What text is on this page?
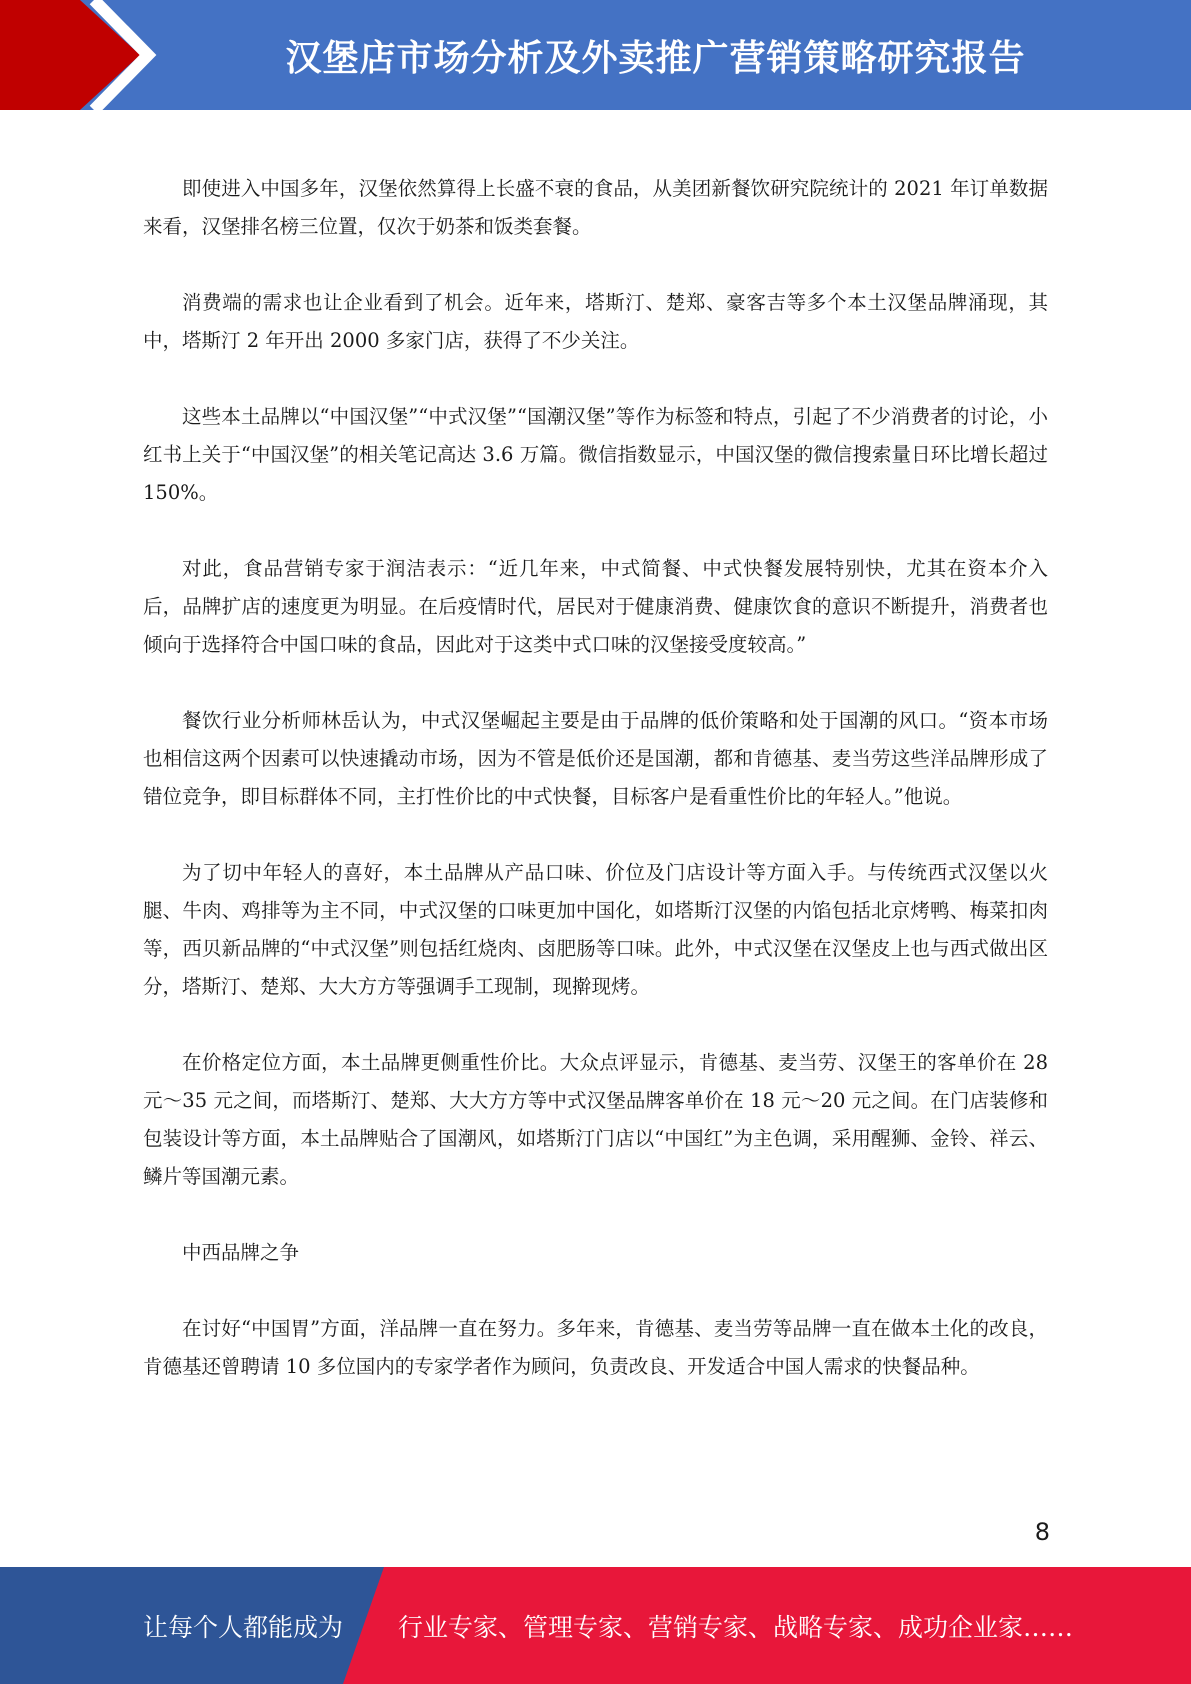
汉堡店市场分析及外卖推广营销策略研究报告

即使进入中国多年，汉堡依然算得上长盛不衰的食品，从美团新餐饮研究院统计的 2021 年订单数据来看，汉堡排名榜三位置，仅次于奶茶和饭类套餐。

消费端的需求也让企业看到了机会。近年来，塔斯汀、楚郑、豪客吉等多个本土汉堡品牌涌现，其中，塔斯汀 2 年开出 2000 多家门店，获得了不少关注。

这些本土品牌以“中国汉堡”“中式汉堡”“国潮汉堡”等作为标签和特点，引起了不少消费者的讨论，小红书上关于“中国汉堡”的相关笔记高达 3.6 万篇。微信指数显示，中国汉堡的微信搜索量日环比增长超过 150%。

对此，食品营销专家于润洁表示：“近几年来，中式简餐、中式快餐发展特别快，尤其在资本介入后，品牌扩店的速度更为明显。在后疫情时代，居民对于健康消费、健康饮食的意识不断提升，消费者也倾向于选择符合中国口味的食品，因此对于这类中式口味的汉堡接受度较高。”

餐饮行业分析师林岳认为，中式汉堡崛起主要是由于品牌的低价策略和处于国潮的风口。“资本市场也相信这两个因素可以快速撬动市场，因为不管是低价还是国潮，都和肯德基、麦当劳这些洋品牌形成了错位竞争，即目标群体不同，主打性价比的中式快餐，目标客户是看重性价比的年轻人。”他说。

为了切中年轻人的喜好，本土品牌从产品口味、价位及门店设计等方面入手。与传统西式汉堡以火腿、牛肉、鸡排等为主不同，中式汉堡的口味更加中国化，如塔斯汀汉堡的内馅包括北京烤鸭、梅菜扣肉等，西贝新品牌的“中式汉堡”则包括红烧肉、卤肥肠等口味。此外，中式汉堡在汉堡皮上也与西式做出区分，塔斯汀、楚郑、大大方方等强调手工现制，现擀现烤。

在价格定位方面，本土品牌更侧重性价比。大众点评显示，肯德基、麦当劳、汉堡王的客单价在 28 元～35 元之间，而塔斯汀、楚郑、大大方方等中式汉堡品牌客单价在 18 元～20 元之间。在门店装修和包装设计等方面，本土品牌贴合了国潮风，如塔斯汀门店以“中国红”为主色调，采用醒狮、金铃、祥云、鳞片等国潮元素。

中西品牌之争

在讨好“中国胃”方面，洋品牌一直在努力。多年来，肯德基、麦当劳等品牌一直在做本土化的改良，肯德基还曾聘请 10 多位国内的专家学者作为顾问，负责改良、开发适合中国人需求的快餐品种。

8
让每个人都能成为 行业专家、管理专家、营销专家、战略专家、成功企业家……
